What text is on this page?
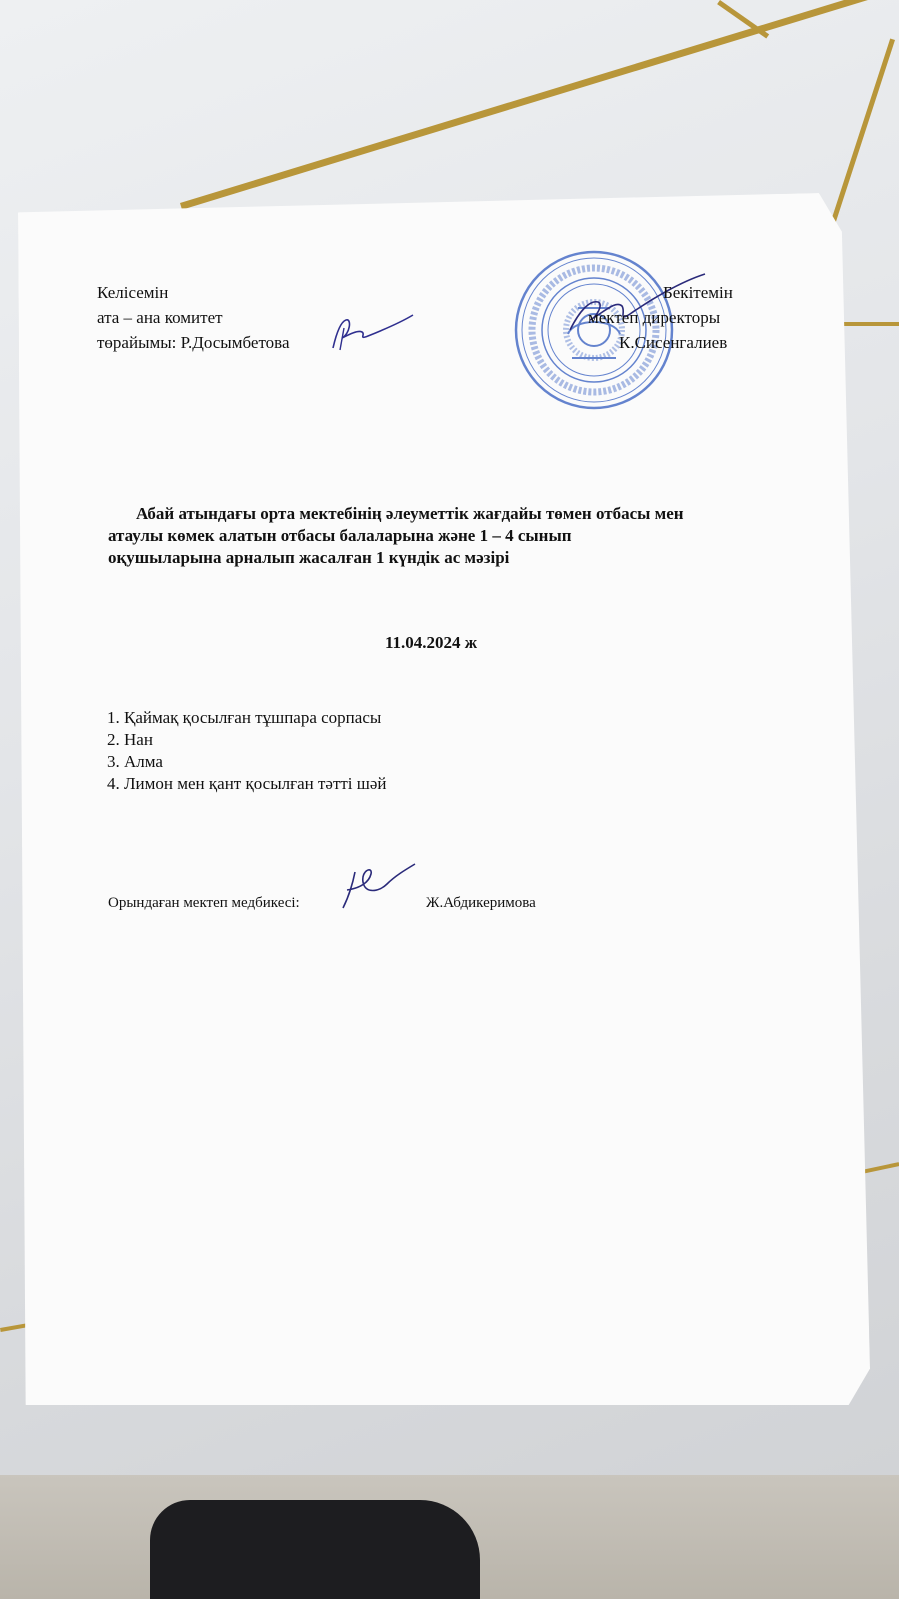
Келісемін
ата – ана комитет
төрайымы: Р.Досымбетова
Бекітемін
мектеп директоры
К.Сисенгалиев
Абай атындағы орта мектебінің әлеуметтік жағдайы төмен отбасы мен
атаулы көмек алатын отбасы балаларына және 1 – 4 сынып
оқушыларына арналып жасалған 1 күндік ас мәзірі
11.04.2024 ж
1. Қаймақ қосылған тұшпара сорпасы
2. Нан
3. Алма
4. Лимон мен қант қосылған тәтті шәй
Орындаған мектеп медбикесі:	Ж.Абдикеримова
